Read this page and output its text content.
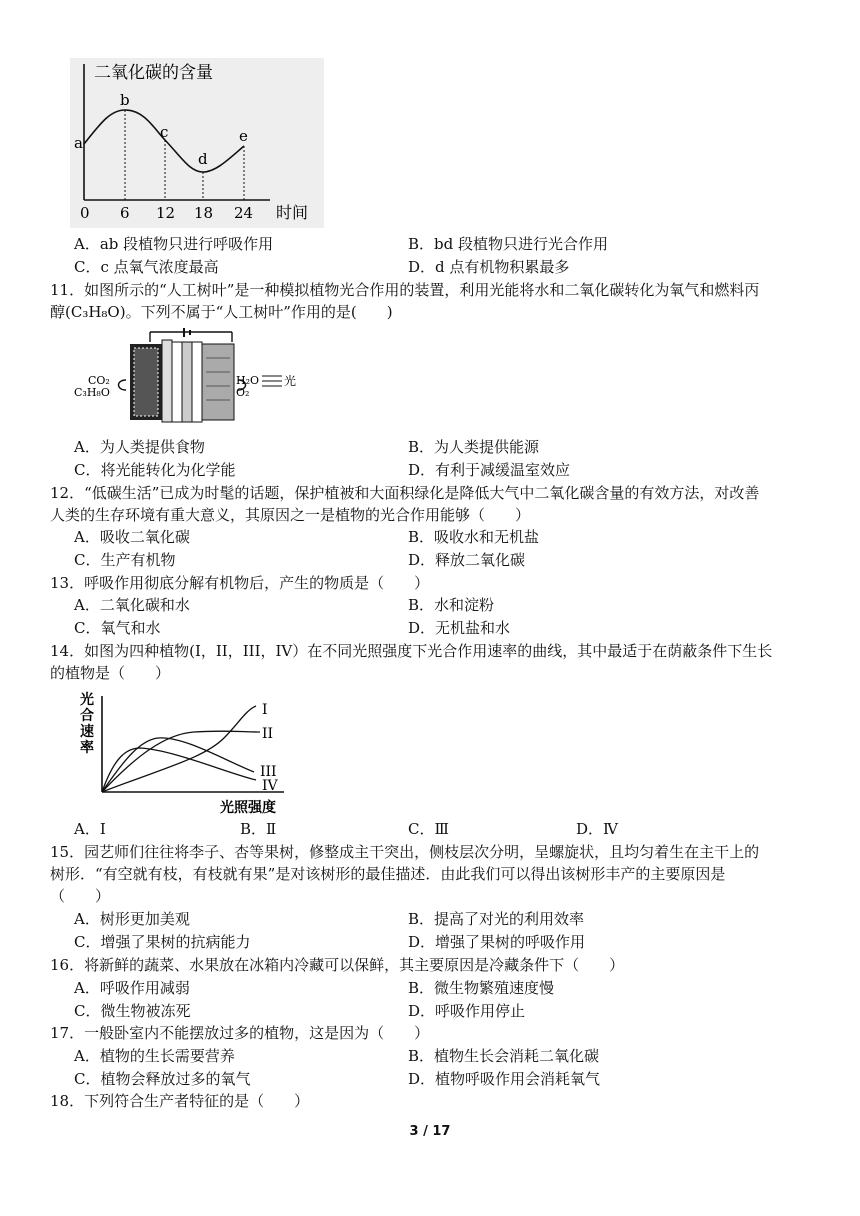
二氧化碳的含量
a
b
c
d
e
0 6 12 18 24 时间
A．ab 段植物只进行呼吸作用	B．bd 段植物只进行光合作用
C．c 点氧气浓度最高	D．d 点有机物积累最多
11．如图所示的“人工树叶”是一种模拟植物光合作用的装置，利用光能将水和二氧化碳转化为氧气和燃料丙
醇(C₃H₈O)。下列不属于“人工树叶”作用的是(　　)
CO₂
C₃H₈O
H₂O
O₂
光
A．为人类提供食物	B．为人类提供能源
C．将光能转化为化学能	D．有利于减缓温室效应
12．“低碳生活”已成为时髦的话题，保护植被和大面积绿化是降低大气中二氧化碳含量的有效方法，对改善
人类的生存环境有重大意义，其原因之一是植物的光合作用能够（　　）
A．吸收二氧化碳	B．吸收水和无机盐
C．生产有机物	D．释放二氧化碳
13．呼吸作用彻底分解有机物后，产生的物质是（　　）
A．二氧化碳和水	B．水和淀粉
C．氧气和水	D．无机盐和水
14．如图为四种植物(I，II，III，IV）在不同光照强度下光合作用速率的曲线，其中最适于在荫蔽条件下生长
的植物是（　　）
光
合
速
率
I
II
III
IV
光照强度
A．Ⅰ	B．Ⅱ	C．Ⅲ	D．Ⅳ
15．园艺师们往往将李子、杏等果树，修整成主干突出，侧枝层次分明，呈螺旋状，且均匀着生在主干上的
树形．“有空就有枝，有枝就有果”是对该树形的最佳描述．由此我们可以得出该树形丰产的主要原因是
（　　）
A．树形更加美观	B．提高了对光的利用效率
C．增强了果树的抗病能力	D．增强了果树的呼吸作用
16．将新鲜的蔬菜、水果放在冰箱内冷藏可以保鲜，其主要原因是冷藏条件下（　　）
A．呼吸作用减弱	B．微生物繁殖速度慢
C．微生物被冻死	D．呼吸作用停止
17．一般卧室内不能摆放过多的植物，这是因为（　　）
A．植物的生长需要营养	B．植物生长会消耗二氧化碳
C．植物会释放过多的氧气	D．植物呼吸作用会消耗氧气
18．下列符合生产者特征的是（　　）
3 / 17
